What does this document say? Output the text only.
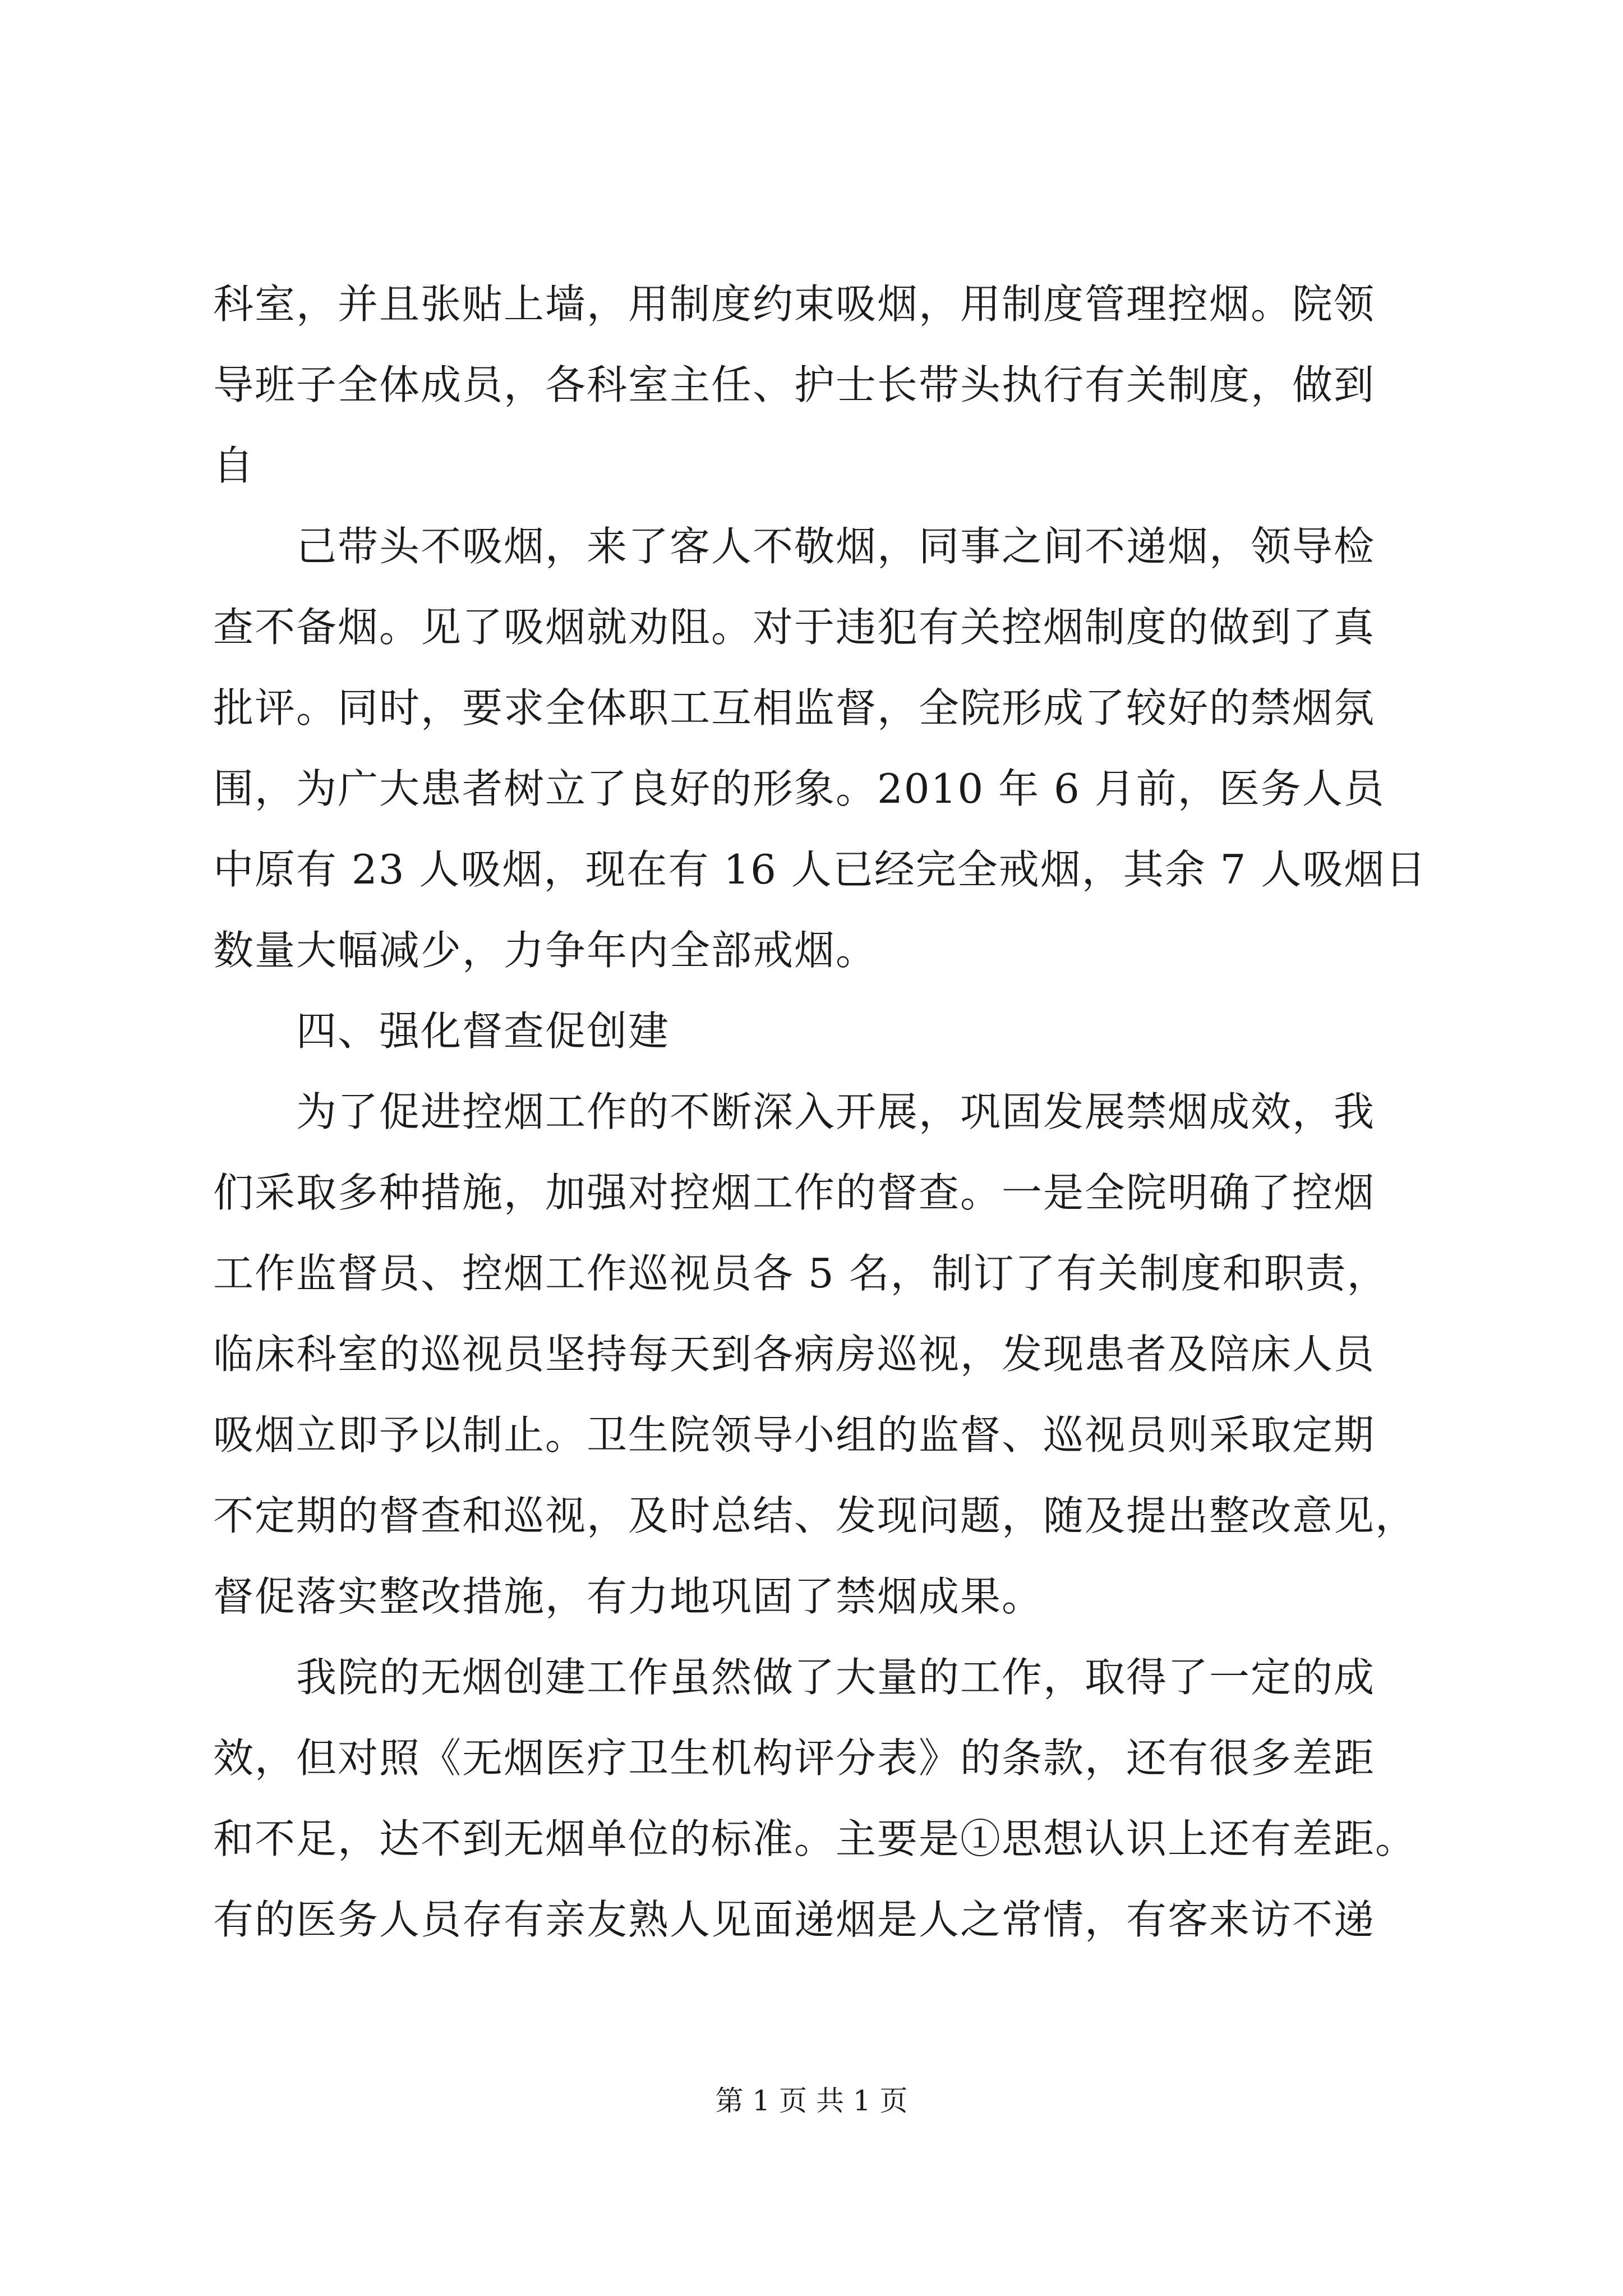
科室，并且张贴上墙，用制度约束吸烟，用制度管理控烟。院领
导班子全体成员，各科室主任、护士长带头执行有关制度，做到
自
己带头不吸烟，来了客人不敬烟，同事之间不递烟，领导检
查不备烟。见了吸烟就劝阻。对于违犯有关控烟制度的做到了真
批评。同时，要求全体职工互相监督，全院形成了较好的禁烟氛
围，为广大患者树立了良好的形象。2010 年 6 月前，医务人员
中原有 23 人吸烟，现在有 16 人已经完全戒烟，其余 7 人吸烟日
数量大幅减少，力争年内全部戒烟。
四、强化督查促创建
为了促进控烟工作的不断深入开展，巩固发展禁烟成效，我
们采取多种措施，加强对控烟工作的督查。一是全院明确了控烟
工作监督员、控烟工作巡视员各 5 名，制订了有关制度和职责，
临床科室的巡视员坚持每天到各病房巡视，发现患者及陪床人员
吸烟立即予以制止。卫生院领导小组的监督、巡视员则采取定期
不定期的督查和巡视，及时总结、发现问题，随及提出整改意见，
督促落实整改措施，有力地巩固了禁烟成果。
我院的无烟创建工作虽然做了大量的工作，取得了一定的成
效，但对照《无烟医疗卫生机构评分表》的条款，还有很多差距
和不足，达不到无烟单位的标准。主要是①思想认识上还有差距。
有的医务人员存有亲友熟人见面递烟是人之常情，有客来访不递
第 1 页 共 1 页
